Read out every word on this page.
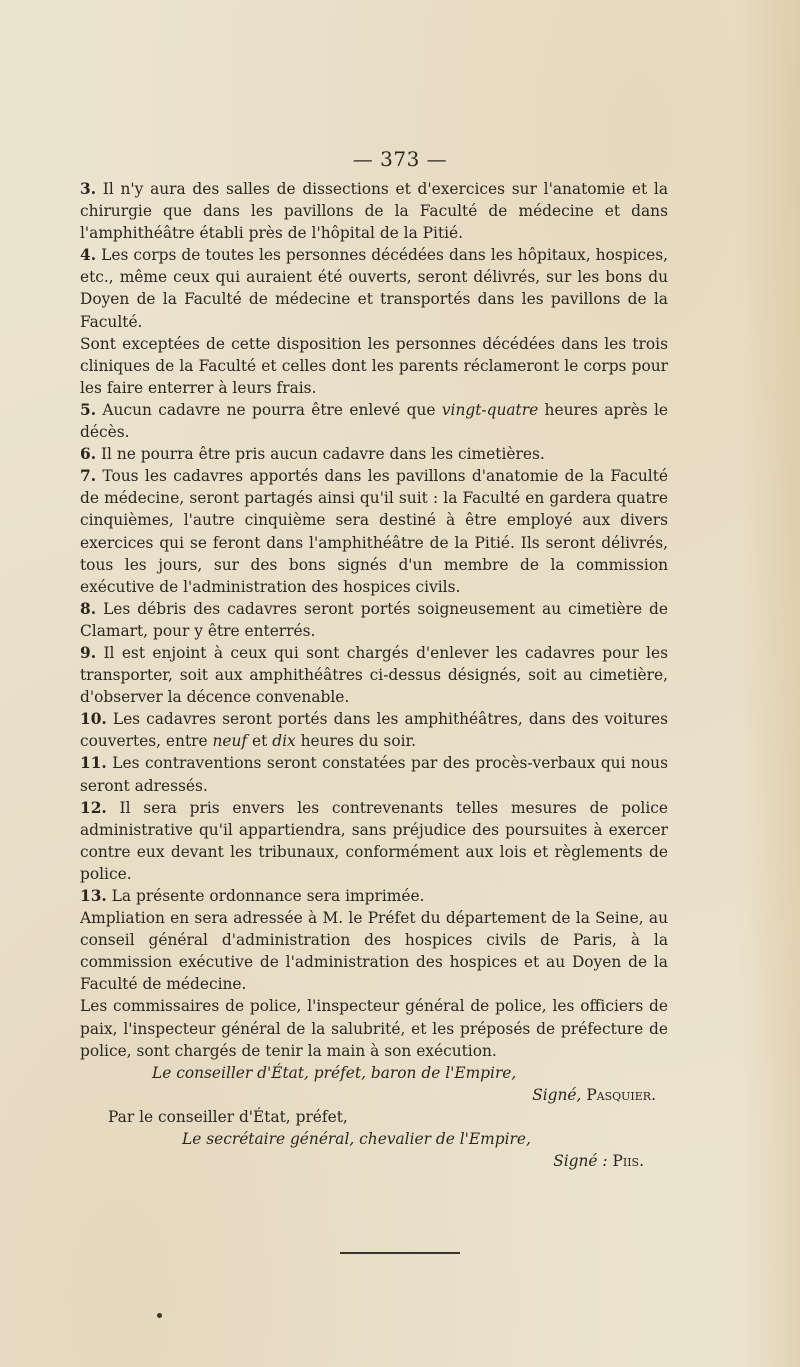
— 373 —

3. Il n'y aura des salles de dissections et d'exercices sur l'anatomie et la chirurgie que dans les pavillons de la Faculté de médecine et dans l'amphithéâtre établi près de l'hôpital de la Pitié.

4. Les corps de toutes les personnes décédées dans les hôpitaux, hospices, etc., même ceux qui auraient été ouverts, seront délivrés, sur les bons du Doyen de la Faculté de médecine et transportés dans les pavillons de la Faculté.

Sont exceptées de cette disposition les personnes décédées dans les trois cliniques de la Faculté et celles dont les parents réclameront le corps pour les faire enterrer à leurs frais.

5. Aucun cadavre ne pourra être enlevé que vingt-quatre heures après le décès.

6. Il ne pourra être pris aucun cadavre dans les cimetières.

7. Tous les cadavres apportés dans les pavillons d'anatomie de la Faculté de médecine, seront partagés ainsi qu'il suit : la Faculté en gardera quatre cinquièmes, l'autre cinquième sera destiné à être employé aux divers exercices qui se feront dans l'amphithéâtre de la Pitié. Ils seront délivrés, tous les jours, sur des bons signés d'un membre de la commission exécutive de l'administration des hospices civils.

8. Les débris des cadavres seront portés soigneusement au cimetière de Clamart, pour y être enterrés.

9. Il est enjoint à ceux qui sont chargés d'enlever les cadavres pour les transporter, soit aux amphithéâtres ci-dessus désignés, soit au cimetière, d'observer la décence convenable.

10. Les cadavres seront portés dans les amphithéâtres, dans des voitures couvertes, entre neuf et dix heures du soir.

11. Les contraventions seront constatées par des procès-verbaux qui nous seront adressés.

12. Il sera pris envers les contrevenants telles mesures de police administrative qu'il appartiendra, sans préjudice des poursuites à exercer contre eux devant les tribunaux, conformément aux lois et règlements de police.

13. La présente ordonnance sera imprimée.

Ampliation en sera adressée à M. le Préfet du département de la Seine, au conseil général d'administration des hospices civils de Paris, à la commission exécutive de l'administration des hospices et au Doyen de la Faculté de médecine.

Les commissaires de police, l'inspecteur général de police, les officiers de paix, l'inspecteur général de la salubrité, et les préposés de préfecture de police, sont chargés de tenir la main à son exécution.

Le conseiller d'État, préfet, baron de l'Empire,

Signé, Pasquier.

Par le conseiller d'État, préfet,

Le secrétaire général, chevalier de l'Empire,

Signé : Piis.
